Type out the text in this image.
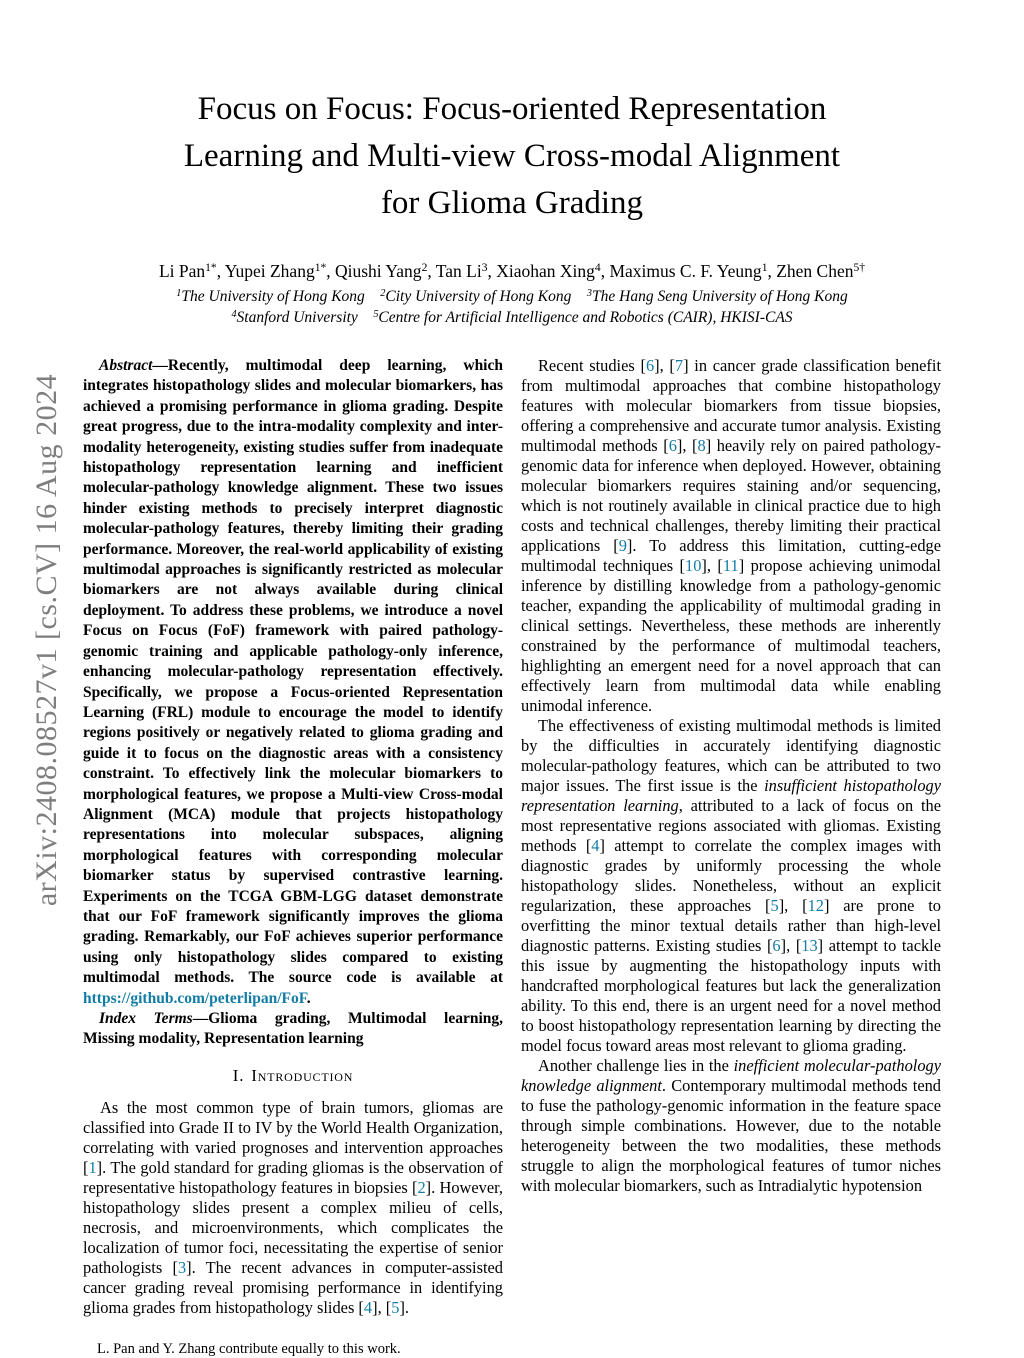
arXiv:2408.08527v1 [cs.CV] 16 Aug 2024
Focus on Focus: Focus-oriented Representation
Learning and Multi-view Cross-modal Alignment
for Glioma Grading
Li Pan$^{1*}$, Yupei Zhang$^{1*}$, Qiushi Yang$^2$, Tan Li$^3$, Xiaohan Xing$^4$, Maximus C. F. Yeung$^1$, Zhen Chen$^{5\dagger}$
$^1$The University of Hong Kong $^2$City University of Hong Kong $^3$The Hang Seng University of Hong Kong
$^4$Stanford University $^5$Centre for Artificial Intelligence and Robotics (CAIR), HKISI-CAS

Abstract—Recently, multimodal deep learning, which integrates histopathology slides and molecular biomarkers, has achieved a promising performance in glioma grading. Despite great progress, due to the intra-modality complexity and inter-modality heterogeneity, existing studies suffer from inadequate histopathology representation learning and inefficient molecular-pathology knowledge alignment. These two issues hinder existing methods to precisely interpret diagnostic molecular-pathology features, thereby limiting their grading performance. Moreover, the real-world applicability of existing multimodal approaches is significantly restricted as molecular biomarkers are not always available during clinical deployment. To address these problems, we introduce a novel Focus on Focus (FoF) framework with paired pathology-genomic training and applicable pathology-only inference, enhancing molecular-pathology representation effectively. Specifically, we propose a Focus-oriented Representation Learning (FRL) module to encourage the model to identify regions positively or negatively related to glioma grading and guide it to focus on the diagnostic areas with a consistency constraint. To effectively link the molecular biomarkers to morphological features, we propose a Multi-view Cross-modal Alignment (MCA) module that projects histopathology representations into molecular subspaces, aligning morphological features with corresponding molecular biomarker status by supervised contrastive learning. Experiments on the TCGA GBM-LGG dataset demonstrate that our FoF framework significantly improves the glioma grading. Remarkably, our FoF achieves superior performance using only histopathology slides compared to existing multimodal methods. The source code is available at https://github.com/peterlipan/FoF.

Index Terms—Glioma grading, Multimodal learning, Missing modality, Representation learning

I. Introduction

As the most common type of brain tumors, gliomas are classified into Grade II to IV by the World Health Organization, correlating with varied prognoses and intervention approaches [1]. The gold standard for grading gliomas is the observation of representative histopathology features in biopsies [2]. However, histopathology slides present a complex milieu of cells, necrosis, and microenvironments, which complicates the localization of tumor foci, necessitating the expertise of senior pathologists [3]. The recent advances in computer-assisted cancer grading reveal promising performance in identifying glioma grades from histopathology slides [4], [5].

L. Pan and Y. Zhang contribute equally to this work.

Recent studies [6], [7] in cancer grade classification benefit from multimodal approaches that combine histopathology features with molecular biomarkers from tissue biopsies, offering a comprehensive and accurate tumor analysis. Existing multimodal methods [6], [8] heavily rely on paired pathology-genomic data for inference when deployed. However, obtaining molecular biomarkers requires staining and/or sequencing, which is not routinely available in clinical practice due to high costs and technical challenges, thereby limiting their practical applications [9]. To address this limitation, cutting-edge multimodal techniques [10], [11] propose achieving unimodal inference by distilling knowledge from a pathology-genomic teacher, expanding the applicability of multimodal grading in clinical settings. Nevertheless, these methods are inherently constrained by the performance of multimodal teachers, highlighting an emergent need for a novel approach that can effectively learn from multimodal data while enabling unimodal inference.

The effectiveness of existing multimodal methods is limited by the difficulties in accurately identifying diagnostic molecular-pathology features, which can be attributed to two major issues. The first issue is the insufficient histopathology representation learning, attributed to a lack of focus on the most representative regions associated with gliomas. Existing methods [4] attempt to correlate the complex images with diagnostic grades by uniformly processing the whole histopathology slides. Nonetheless, without an explicit regularization, these approaches [5], [12] are prone to overfitting the minor textual details rather than high-level diagnostic patterns. Existing studies [6], [13] attempt to tackle this issue by augmenting the histopathology inputs with handcrafted morphological features but lack the generalization ability. To this end, there is an urgent need for a novel method to boost histopathology representation learning by directing the model focus toward areas most relevant to glioma grading.

Another challenge lies in the inefficient molecular-pathology knowledge alignment. Contemporary multimodal methods tend to fuse the pathology-genomic information in the feature space through simple combinations. However, due to the notable heterogeneity between the two modalities, these methods struggle to align the morphological features of tumor niches with molecular biomarkers, such as Intradialytic hypotension
